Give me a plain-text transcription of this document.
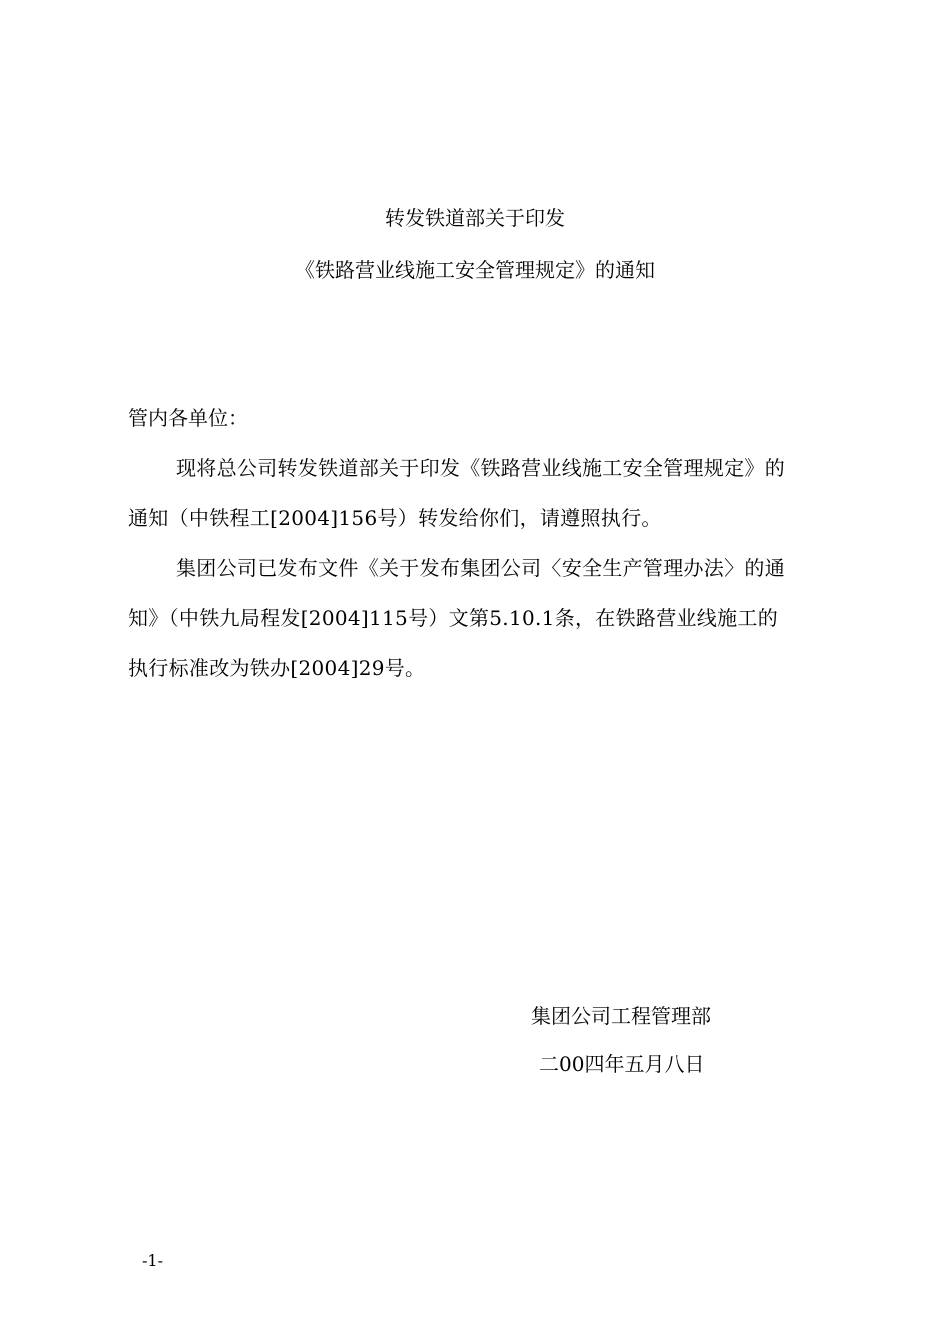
转发铁道部关于印发
《铁路营业线施工安全管理规定》的通知
管内各单位：
现将总公司转发铁道部关于印发《铁路营业线施工安全管理规定》的
通知（中铁程工[2004]156号）转发给你们，请遵照执行。
集团公司已发布文件《关于发布集团公司〈安全生产管理办法〉的通
知》（中铁九局程发[2004]115号）文第5.10.1条，在铁路营业线施工的
执行标准改为铁办[2004]29号。
集团公司工程管理部
二00四年五月八日
-1-
